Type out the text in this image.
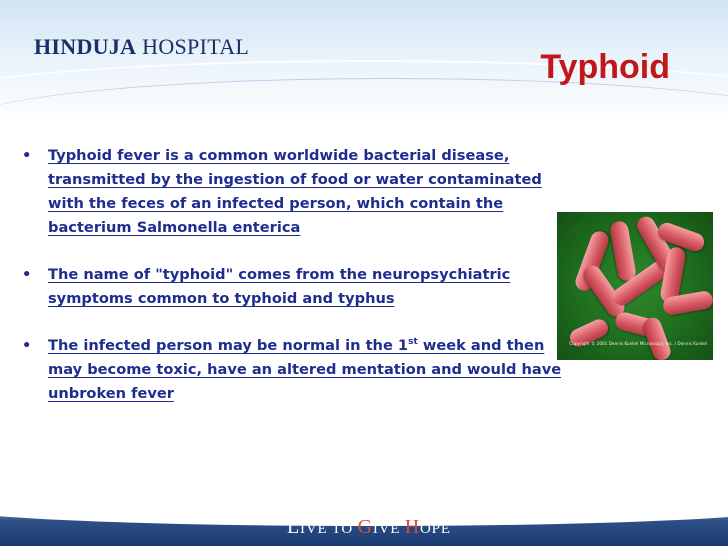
HINDUJA HOSPITAL
Typhoid
• Typhoid fever is a common worldwide bacterial disease, transmitted by the ingestion of food or water contaminated with the feces of an infected person, which contain the bacterium Salmonella enterica
• The name of "typhoid" comes from the neuropsychiatric symptoms common to typhoid and typhus
• The infected person may be normal in the 1st week and then may become toxic, have an altered mentation and would have unbroken fever
Copyright © 2001 Dennis Kunkel Microscopy, Inc. / Dennis Kunkel
LIVE TO GIVE HOPE
